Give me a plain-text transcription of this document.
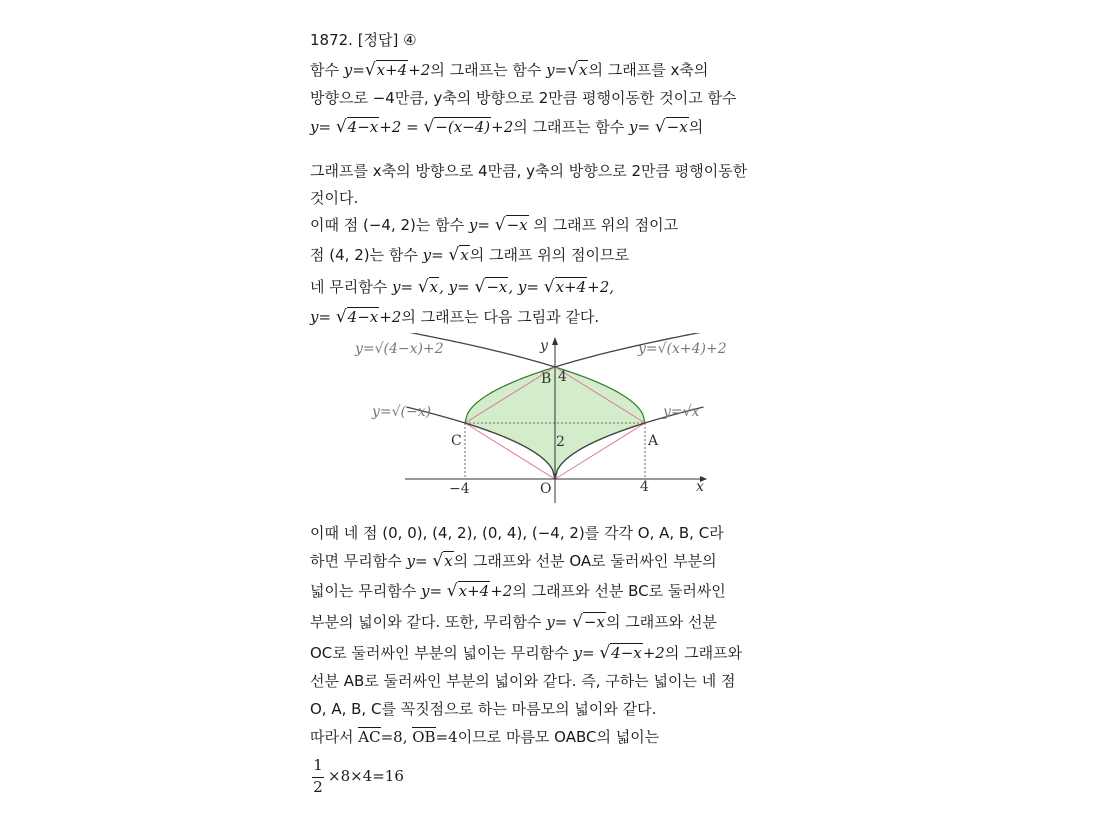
1872. [정답] ④
함수 y=√x+4+2의 그래프는 함수 y=√x의 그래프를 x축의
방향으로 −4만큼, y축의 방향으로 2만큼 평행이동한 것이고 함수
y= √4−x+2 = √−(x−4)+2의 그래프는 함수 y= √−x의
그래프를 x축의 방향으로 4만큼, y축의 방향으로 2만큼 평행이동한
것이다.
이때 점 (−4, 2)는 함수 y= √−x 의 그래프 위의 점이고
점 (4, 2)는 함수 y= √x의 그래프 위의 점이므로
네 무리함수 y= √x, y= √−x, y= √x+4+2,
y= √4−x+2의 그래프는 다음 그림과 같다.
y=√(4−x)+2	y=√(x+4)+2
y=√(−x)	y=√x
B 4
C	A
2
O
−4	4	x
y
이때 네 점 (0, 0), (4, 2), (0, 4), (−4, 2)를 각각 O, A, B, C라
하면 무리함수 y= √x의 그래프와 선분 OA로 둘러싸인 부분의
넓이는 무리함수 y= √x+4+2의 그래프와 선분 BC로 둘러싸인
부분의 넓이와 같다. 또한, 무리함수 y= √−x의 그래프와 선분
OC로 둘러싸인 부분의 넓이는 무리함수 y= √4−x+2의 그래프와
선분 AB로 둘러싸인 부분의 넓이와 같다. 즉, 구하는 넓이는 네 점
O, A, B, C를 꼭짓점으로 하는 마름모의 넓이와 같다.
따라서 AC=8, OB=4이므로 마름모 OABC의 넓이는
1
2
×8×4=16
